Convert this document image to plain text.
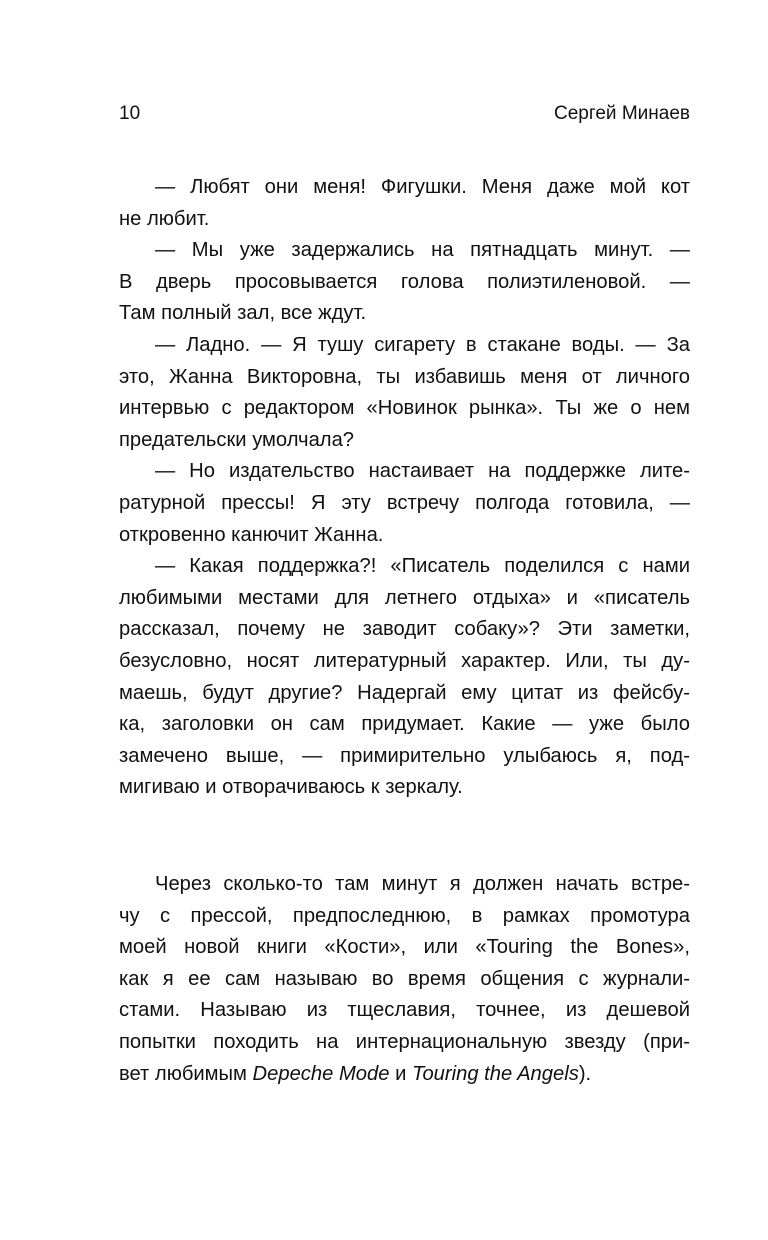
10	Сергей Минаев

— Любят они меня! Фигушки. Меня даже мой кот
не любит.

— Мы уже задержались на пятнадцать минут. —
В дверь просовывается голова полиэтиленовой. —
Там полный зал, все ждут.

— Ладно. — Я тушу сигарету в стакане воды. — За
это, Жанна Викторовна, ты избавишь меня от личного
интервью с редактором «Новинок рынка». Ты же о нем
предательски умолчала?

— Но издательство настаивает на поддержке лите-
ратурной прессы! Я эту встречу полгода готовила, —
откровенно канючит Жанна.

— Какая поддержка?! «Писатель поделился с нами
любимыми местами для летнего отдыха» и «писатель
рассказал, почему не заводит собаку»? Эти заметки,
безусловно, носят литературный характер. Или, ты ду-
маешь, будут другие? Надергай ему цитат из фейсбу-
ка, заголовки он сам придумает. Какие — уже было
замечено выше, — примирительно улыбаюсь я, под-
мигиваю и отворачиваюсь к зеркалу.

Через сколько-то там минут я должен начать встре-
чу с прессой, предпоследнюю, в рамках промотура
моей новой книги «Кости», или «Touring the Bones»,
как я ее сам называю во время общения с журнали-
стами. Называю из тщеславия, точнее, из дешевой
попытки походить на интернациональную звезду (при-
вет любимым Depeche Mode и Touring the Angels).
